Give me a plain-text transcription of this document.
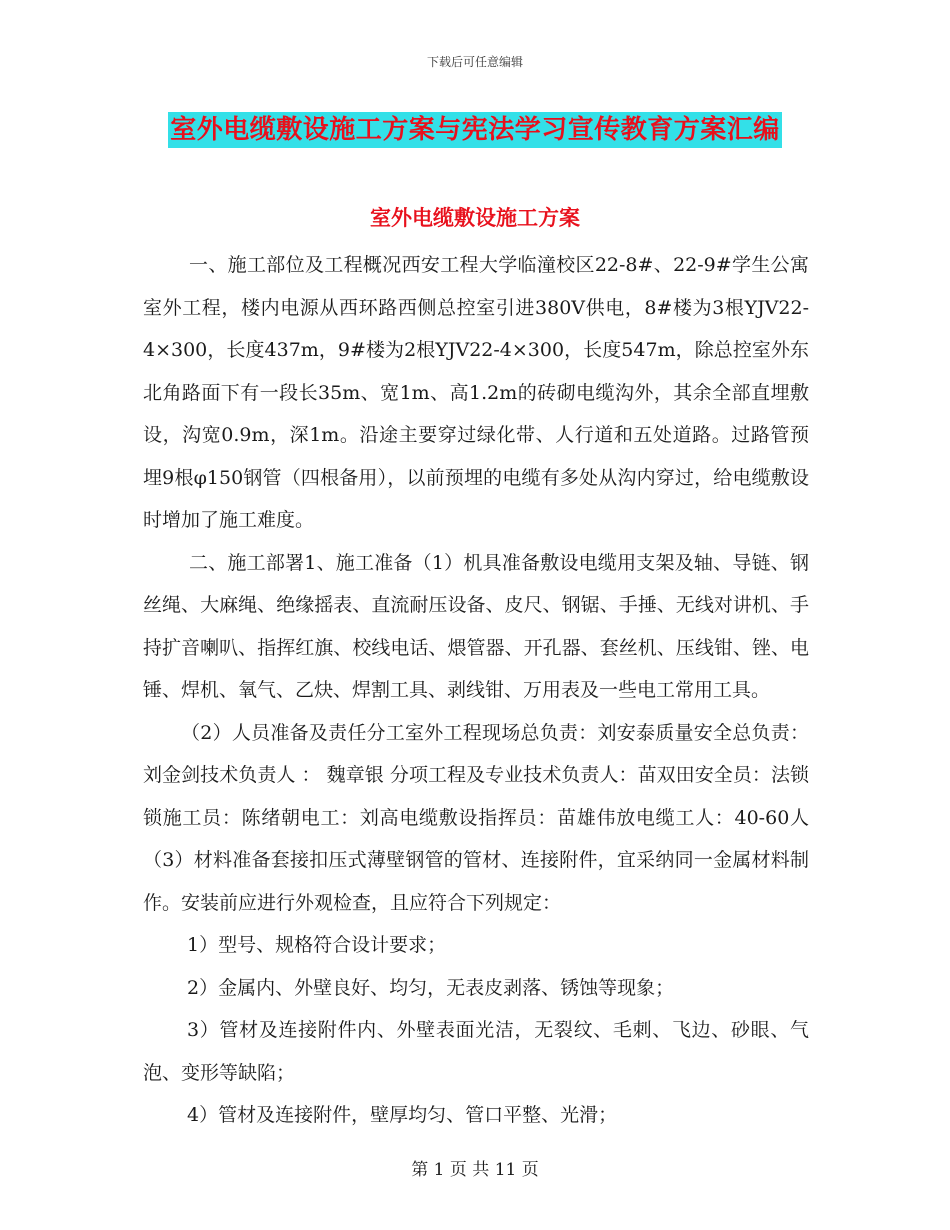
下载后可任意编辑
室外电缆敷设施工方案与宪法学习宣传教育方案汇编
室外电缆敷设施工方案

一、施工部位及工程概况西安工程大学临潼校区22-8#、22-9#学生公寓室外工程，楼内电源从西环路西侧总控室引进380V供电，8#楼为3根YJV22-4×300，长度437m，9#楼为2根YJV22-4×300，长度547m，除总控室外东北角路面下有一段长35m、宽1m、高1.2m的砖砌电缆沟外，其余全部直埋敷设，沟宽0.9m，深1m。沿途主要穿过绿化带、人行道和五处道路。过路管预埋9根φ150钢管（四根备用），以前预埋的电缆有多处从沟内穿过，给电缆敷设时增加了施工难度。

二、施工部署1、施工准备（1）机具准备敷设电缆用支架及轴、导链、钢丝绳、大麻绳、绝缘摇表、直流耐压设备、皮尺、钢锯、手捶、无线对讲机、手持扩音喇叭、指挥红旗、校线电话、煨管器、开孔器、套丝机、压线钳、锉、电锤、焊机、氧气、乙炔、焊割工具、剥线钳、万用表及一些电工常用工具。

（2）人员准备及责任分工室外工程现场总负责：刘安泰质量安全总负责：刘金剑技术负责人 ： 魏章银 分项工程及专业技术负责人：苗双田安全员：法锁锁施工员：陈绪朝电工：刘高电缆敷设指挥员：苗雄伟放电缆工人：40-60人（3）材料准备套接扣压式薄壁钢管的管材、连接附件，宜采纳同一金属材料制作。安装前应进行外观检查，且应符合下列规定：

1）型号、规格符合设计要求；

2）金属内、外壁良好、均匀，无表皮剥落、锈蚀等现象；

3）管材及连接附件内、外壁表面光洁，无裂纹、毛刺、飞边、砂眼、气泡、变形等缺陷；

4）管材及连接附件，壁厚均匀、管口平整、光滑；

第 1 页 共 11 页
